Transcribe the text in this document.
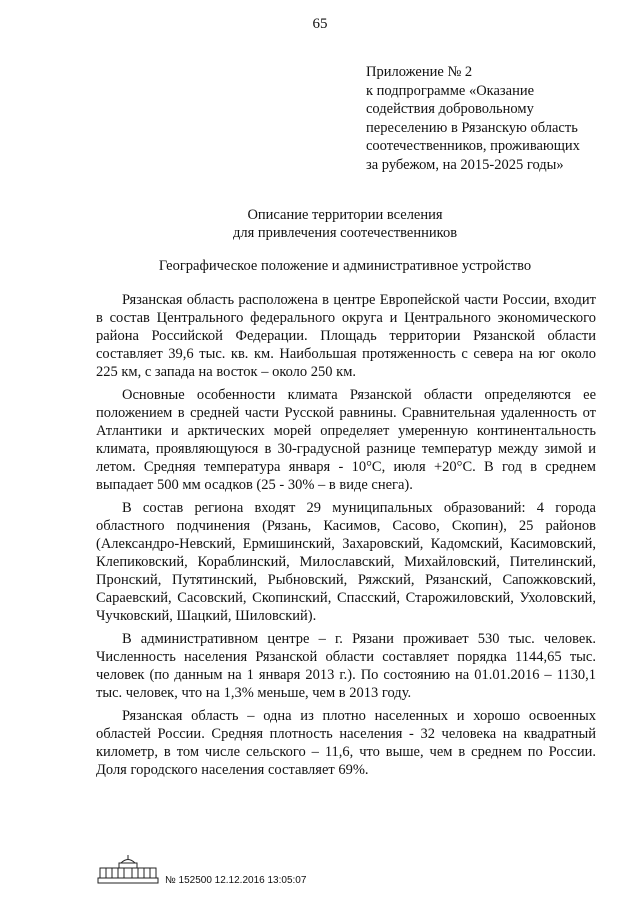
65
Приложение № 2
к подпрограмме «Оказание
содействия добровольному
переселению в Рязанскую область
соотечественников, проживающих
за рубежом, на 2015-2025 годы»
Описание территории вселения
для привлечения соотечественников
Географическое положение и административное устройство

Рязанская область расположена в центре Европейской части России, входит в состав Центрального федерального округа и Центрального экономического района Российской Федерации. Площадь территории Рязанской области составляет 39,6 тыс. кв. км. Наибольшая протяженность с севера на юг около 225 км, с запада на восток – около 250 км.

Основные особенности климата Рязанской области определяются ее положением в средней части Русской равнины. Сравнительная удаленность от Атлантики и арктических морей определяет умеренную континентальность климата, проявляющуюся в 30-градусной разнице температур между зимой и летом. Средняя температура января - 10°С, июля +20°С. В год в среднем выпадает 500 мм осадков (25 - 30% – в виде снега).

В состав региона входят 29 муниципальных образований: 4 города областного подчинения (Рязань, Касимов, Сасово, Скопин), 25 районов (Александро-Невский, Ермишинский, Захаровский, Кадомский, Касимовский, Клепиковский, Кораблинский, Милославский, Михайловский, Пителинский, Пронский, Путятинский, Рыбновский, Ряжский, Рязанский, Сапожковский, Сараевский, Сасовский, Скопинский, Спасский, Старожиловский, Ухоловский, Чучковский, Шацкий, Шиловский).

В административном центре – г. Рязани проживает 530 тыс. человек. Численность населения Рязанской области составляет порядка 1144,65 тыс. человек (по данным на 1 января 2013 г.). По состоянию на 01.01.2016 – 1130,1 тыс. человек, что на 1,3% меньше, чем в 2013 году.

Рязанская область – одна из плотно населенных и хорошо освоенных областей России. Средняя плотность населения - 32 человека на квадратный километр, в том числе сельского – 11,6, что выше, чем в среднем по России. Доля городского населения составляет 69%.

№ 152500 12.12.2016 13:05:07
